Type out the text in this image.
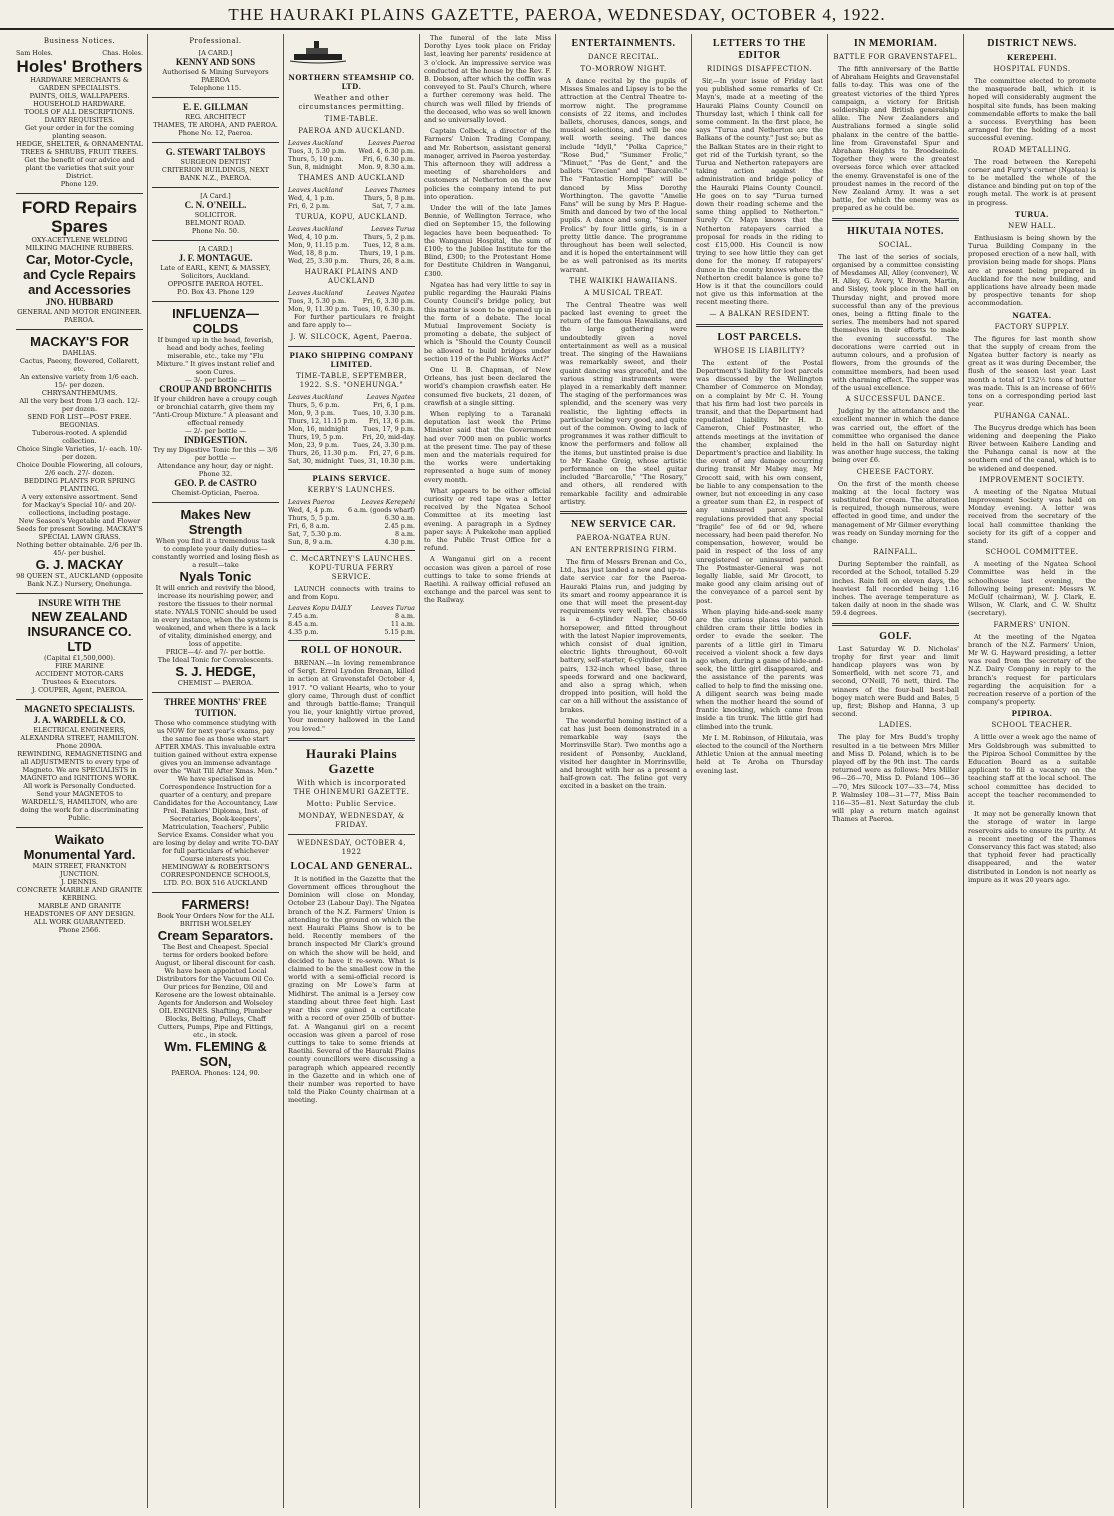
THE HAURAKI PLAINS GAZETTE, PAEROA, WEDNESDAY, OCTOBER 4, 1922.
Business Notices.
Sam Holes.	Chas. Holes.
Holes' Brothers
HARDWARE MERCHANTS & GARDEN SPECIALISTS.
PAINTS, OILS, WALLPAPERS.
HOUSEHOLD HARDWARE.
TOOLS OF ALL DESCRIPTIONS. DAIRY REQUISITES.
Get your order in for the coming planting season.
HEDGE, SHELTER, & ORNAMENTAL TREES & SHRUBS, FRUIT TREES.
Get the benefit of our advice and plant the varieties that suit your District.
Phone 129.
FORD Repairs Spares
OXY-ACETYLENE WELDING
MILKING MACHINE RUBBERS.
Car, Motor-Cycle, and Cycle Repairs and Accessories
JNO. HUBBARD
GENERAL AND MOTOR ENGINEER. PAEROA.
MACKAY'S FOR
DAHLIAS.
Cactus, Paeony, flowered, Collarett, etc.
An extensive variety from 1/6 each. 15/- per dozen.
CHRYSANTHEMUMS.
All the very best from 1/3 each. 12/- per dozen.
SEND FOR LIST—POST FREE.
BEGONIAS.
Tuberous-rooted. A splendid collection.
Choice Single Varieties, 1/- each. 10/- per dozen.
Choice Double Flowering, all colours, 2/6 each. 27/- dozen.
BEDDING PLANTS FOR SPRING PLANTING.
A very extensive assortment. Send for Mackay's Special 10/- and 20/- collections, including postage.
New Season's Vegetable and Flower Seeds for present Sowing. MACKAY'S SPECIAL LAWN GRASS.
Nothing better obtainable. 2/6 per lb. 45/- per bushel.
G. J. MACKAY
98 QUEEN ST., AUCKLAND (opposite Bank N.Z.) Nursery, Onehunga.
INSURE WITH THE
NEW ZEALAND INSURANCE CO. LTD
(Capital £1,500,000).
FIRE MARINE
ACCIDENT MOTOR-CARS
Trustees & Executors.
J. COUPER, Agent, PAEROA.
MAGNETO SPECIALISTS.
J. A. WARDELL & CO.
ELECTRICAL ENGINEERS, ALEXANDRA STREET, HAMILTON.
Phone 2090A.
REWINDING, REMAGNETISING and all ADJUSTMENTS to every type of Magneto. We are SPECIALISTS in MAGNETO and IGNITIONS WORK.
All work is Personally Conducted. Send your MAGNETOS to WARDELL'S, HAMILTON, who are doing the work for a discriminating Public.
Waikato Monumental Yard.
MAIN STREET, FRANKTON JUNCTION.
J. DENNIS.
CONCRETE MARBLE AND GRANITE KERBING.
MARBLE AND GRANITE HEADSTONES OF ANY DESIGN.
ALL WORK GUARANTEED.
Phone 2566.
Professional.
[A CARD.]
KENNY AND SONS
Authorised & Mining Surveyors
PAEROA
Telephone 115.
E. E. GILLMAN
REG. ARCHITECT
THAMES, TE AROHA, AND PAEROA.
Phone No. 12, Paeroa.
G. STEWART TALBOYS
SURGEON DENTIST
CRITERION BUILDINGS, NEXT BANK N.Z., PAEROA.
[A Card.]
C. N. O'NEILL.
SOLICITOR.
BELMONT ROAD.
Phone No. 50.
[A CARD.]
J. F. MONTAGUE.
Late of EARL, KENT, & MASSEY, Solicitors, Auckland.
OPPOSITE PAEROA HOTEL.
P.O. Box 43. Phone 129
INFLUENZA—COLDS
If bunged up in the head, feverish, head and body aches, feeling miserable, etc., take my "Flu Mixture." It gives instant relief and soon Cures.
— 3/- per bottle —
CROUP AND BRONCHITIS
If your children have a croupy cough or bronchial catarrh, give them my "Anti-Croup Mixture." A pleasant and effectual remedy
— 2/- per bottle —
INDIGESTION.
Try my Digestive Tonic for this — 3/6 per bottle —
Attendance any hour, day or night. Phone 32.
GEO. P. de CASTRO
Chemist-Optician, Paeroa.
Makes New Strength
When you find it a tremendous task to complete your daily duties—constantly worried and losing flesh as a result—take
Nyals Tonic
It will enrich and revivify the blood, increase its nourishing power, and restore the tissues to their normal state. NYALS TONIC should be used in every instance, when the system is weakened, and when there is a lack of vitality, diminished energy, and loss of appetite.
PRICE—4/- and 7/- per bottle.
The Ideal Tonic for Convalescents.
S. J. HEDGE,
CHEMIST — PAEROA.
THREE MONTHS' FREE TUITION.
Those who commence studying with us NOW for next year's exams, pay the same fee as those who start AFTER XMAS. This invaluable extra tuition gained without extra expense gives you an immense advantage over the "Wait Till After Xmas. Men." We have specialised in Correspondence Instruction for a quarter of a century, and prepare Candidates for the Accountancy, Law Prel. Bankers' Diploma, Inst. of Secretaries, Book-keepers', Matriculation, Teachers', Public Service Exams. Consider what you are losing by delay and write TO-DAY for full particulars of whichever Course interests you.
HEMINGWAY & ROBERTSON'S CORRESPONDENCE SCHOOLS, LTD. P.O. BOX 516 AUCKLAND
FARMERS!
Book Your Orders Now for the ALL BRITISH WOLSELEY
Cream Separators.
The Best and Cheapest. Special terms for orders booked before August, or liberal discount for cash. We have been appointed Local Distributors for the Vacuum Oil Co. Our prices for Benzine, Oil and Kerosene are the lowest obtainable. Agents for Anderson and Wolseley OIL ENGINES. Shafting, Plumber Blocks, Belting, Pulleys, Chaff Cutters, Pumps, Pipe and Fittings, etc., in stock.
Wm. FLEMING & SON,
PAEROA. Phones: 124, 90.
NORTHERN STEAMSHIP CO. LTD.
Weather and other circumstances permitting.
TIME-TABLE.
PAEROA AND AUCKLAND.
Leaves Auckland	Leaves Paeroa
Tues, 3, 5.30 p.m. Wed. 4, 6.30 p.m.
Thurs, 5, 10 p.m.	Fri, 6, 6.30 p.m.
Sun, 8, midnight	Mon. 9, 8.30 a.m.
THAMES AND AUCKLAND
Leaves Auckland	Leaves Thames
Wed, 4, 1 p.m.	Thurs, 5, 8 p.m.
Fri, 6, 2 p.m.	Sat, 7, 7 a.m.
TURUA, KOPU, AUCKLAND.
Leaves Auckland	Leaves Turua
Wed, 4, 10 p.m.	Thurs, 5, 2 p.m.
Mon, 9, 11.15 p.m. Tues, 12, 8 a.m.
Wed, 18, 8 p.m.	Thurs, 19, 1 p.m.
Wed, 25, 3.30 p.m. Thurs, 26, 8 a.m.
HAURAKI PLAINS AND AUCKLAND
Leaves Auckland	Leaves Ngatea
Tues, 3, 5.30 p.m.	Fri, 6, 3.30 p.m.
Mon, 9, 11.30 p.m. Tues, 10, 6.30 p.m.

For further particulars re freight and fare apply to—

J. W. SILCOCK, Agent, Paeroa.
PIAKO SHIPPING COMPANY LIMITED.
TIME-TABLE, SEPTEMBER, 1922. S.S. "ONEHUNGA."
Leaves Auckland	Leaves Ngatea
Thurs, 5, 6 p.m.	Fri, 6, 1 p.m.
Mon, 9, 3 p.m.	Tues, 10, 3.30 p.m.
Thurs, 12, 11.15 p.m. Fri, 13, 6 p.m.
Mon, 16, midnight Tues, 17, 9 p.m.
Thurs, 19, 5 p.m.	Fri, 20, mid-day.
Mon, 23, 9 p.m. Tues, 24, 3.30 p.m.
Thurs, 26, 11.30 p.m. Fri, 27, 6 p.m.
Sat, 30, midnight Tues, 31, 10.30 p.m.
PLAINS SERVICE.
KERBY'S LAUNCHES.
Leaves Paeroa	Leaves Kerepehi
Wed, 4, 4 p.m. 6 a.m. (goods wharf)
Thurs, 5, 5 p.m.	6.30 a.m.
Fri, 6, 8 a.m.	2.45 p.m.
Sat, 7, 5.30 p.m.	8 a.m.
Sun, 8, 9 a.m.	4.30 p.m.
C. McCARTNEY'S LAUNCHES. KOPU-TURUA FERRY SERVICE.

LAUNCH connects with trains to and from Kopu.

Leaves Kopu DAILY	Leaves Turua
7.45 a.m.	8 a.m.
8.45 a.m.	11 a.m.
4.35 p.m.	5.15 p.m.
ROLL OF HONOUR.

BRENAN.—In loving remembrance of Sergt. Errol Lyndon Brenan, killed in action at Gravenstafel October 4, 1917. "O valiant Hearts, who to your glory came, Through dust of conflict and through battle-flame; Tranquil you lie, your knightly virtue proved, Your memory hallowed in the Land you loved."

Hauraki Plains Gazette
With which is incorporated THE OHINEMURI GAZETTE.
Motto: Public Service.
MONDAY, WEDNESDAY, & FRIDAY.
WEDNESDAY, OCTOBER 4, 1922
LOCAL AND GENERAL.

It is notified in the Gazette that the Government offices throughout the Dominion will close on Monday, October 23 (Labour Day). The Ngatea branch of the N.Z. Farmers' Union is attending to the ground on which the next Hauraki Plains Show is to be held. Recently members of the branch inspected Mr Clark's ground on which the show will be held, and decided to have it re-sown. What is claimed to be the smallest cow in the world with a semi-official record is grazing on Mr Lowe's farm at Midhirst. The animal is a Jersey cow standing about three feet high. Last year this cow gained a certificate with a record of over 250lb of butter-fat. A Wanganui girl on a recent occasion was given a parcel of rose cuttings to take to some friends at Raetihi. Several of the Hauraki Plains county councillors were discussing a paragraph which appeared recently in the Gazette and in which one of their number was reported to have told the Piako County chairman at a meeting.

The funeral of the late Miss Dorothy Lyes took place on Friday last, leaving her parents' residence at 3 o'clock. An impressive service was conducted at the house by the Rev. F. B. Dobson, after which the coffin was conveyed to St. Paul's Church, where a further ceremony was held. The church was well filled by friends of the deceased, who was so well known and so universally loved.

Captain Colbeck, a director of the Farmers' Union Trading Company, and Mr. Robertson, assistant general manager, arrived in Paeroa yesterday. This afternoon they will address a meeting of shareholders and customers at Netherton on the new policies the company intend to put into operation.

Under the will of the late James Bennie, of Wellington Terrace, who died on September 15, the following legacies have been bequeathed: To the Wanganui Hospital, the sum of £100; to the Jubilee Institute for the Blind, £300; to the Protestant Home for Destitute Children in Wanganui, £300.

Ngatea has had very little to say in public regarding the Hauraki Plains County Council's bridge policy, but this matter is soon to be opened up in the form of a debate. The local Mutual Improvement Society is promoting a debate, the subject of which is "Should the County Council be allowed to build bridges under section 119 of the Public Works Act?"

One U. B. Chapman, of New Orleans, has just been declared the world's champion crawfish eater. He consumed five buckets, 21 dozen, of crawfish at a single sitting.

When replying to a Taranaki deputation last week the Prime Minister said that the Government had over 7000 men on public works at the present time. The pay of these men and the materials required for the works were undertaking represented a huge sum of money every month.

What appears to be either official curiosity or red tape was a letter received by the Ngatea School Committee at its meeting last evening. A paragraph in a Sydney paper says: A Pukekohe man applied to the Public Trust Office for a refund.

A Wanganui girl on a recent occasion was given a parcel of rose cuttings to take to some friends at Raetihi. A railway official refused an exchange and the parcel was sent to the Railway.

ENTERTAINMENTS.
DANCE RECITAL.
TO-MORROW NIGHT.

A dance recital by the pupils of Misses Smales and Lipsey is to be the attraction at the Central Theatre to-morrow night. The programme consists of 22 items, and includes ballets, choruses, dances, songs, and musical selections, and will be one well worth seeing. The dances include "Idyll," "Polka Caprice," "Rose Bud," "Summer Frolic," "Minuet," "Pas de Gent," and the ballets "Grecian" and "Barcarolle." The "Fantastic Hornpipe" will be danced by Miss Dorothy Worthington. The gavotte "Amelie Fans" will be sung by Mrs P. Hague-Smith and danced by two of the local pupils. A dance and song, "Summer Frolics" by four little girls, is in a pretty little dance. The programme throughout has been well selected, and it is hoped the entertainment will be as well patronised as its merits warrant.

THE WAIKIKI HAWAIIANS.
A MUSICAL TREAT.

The Central Theatre was well packed last evening to greet the return of the famous Hawaiians, and the large gathering were undoubtedly given a novel entertainment as well as a musical treat. The singing of the Hawaiians was remarkably sweet, and their quaint dancing was graceful, and the various string instruments were played in a remarkably deft manner. The staging of the performances was splendid, and the scenery was very realistic, the lighting effects in particular being very good, and quite out of the common. Owing to lack of programmes it was rather difficult to know the performers and follow all the items, but unstinted praise is due to Mr Kaahe Greig, whose artistic performance on the steel guitar included "Barcarolle," "The Rosary," and others, all rendered with remarkable facility and admirable artistry.

NEW SERVICE CAR.
PAEROA-NGATEA RUN.
AN ENTERPRISING FIRM.

The firm of Messrs Brenan and Co., Ltd., has just landed a new and up-to-date service car for the Paeroa-Hauraki Plains run, and judging by its smart and roomy appearance it is one that will meet the present-day requirements very well. The chassis is a 6-cylinder Napier, 50-60 horsepower, and fitted throughout with the latest Napier improvements, which consist of dual ignition, electric lights throughout, 60-volt battery, self-starter, 6-cylinder cast in pairs, 132-inch wheel base, three speeds forward and one backward, and also a sprag which, when dropped into position, will hold the car on a hill without the assistance of brakes.

The wonderful homing instinct of a cat has just been demonstrated in a remarkable way (says the Morrinsville Star). Two months ago a resident of Ponsonby, Auckland, visited her daughter in Morrinsville, and brought with her as a present a half-grown cat. The feline got very excited in a basket on the train.

LETTERS TO THE EDITOR
RIDINGS DISAFFECTION.

Sir,—In your issue of Friday last you published some remarks of Cr. Mayn's, made at a meeting of the Hauraki Plains County Council on Thursday last, which I think call for some comment. In the first place, he says "Turua and Netherton are the Balkans of the county." Just so; but as the Balkan States are in their right to get rid of the Turkish tyrant, so the Turua and Netherton ratepayers are taking action against the administration and bridge policy of the Hauraki Plains County Council. He goes on to say "Turua turned down their roading scheme and the same thing applied to Netherton." Surely Cr. Mayn knows that the Netherton ratepayers carried a proposal for roads in the riding to cost £15,000. His Council is now trying to see how little they can get done for the money. If ratepayers' dunce in the county knows where the Netherton credit balance is gone to? How is it that the councillors could not give us this information at the recent meeting there.

— A BALKAN RESIDENT.
LOST PARCELS.
WHOSE IS LIABILITY?

The extent of the Postal Department's liability for lost parcels was discussed by the Wellington Chamber of Commerce on Monday, on a complaint by Mr C. H. Young that his firm had lost two parcels in transit, and that the Department had repudiated liability. Mr H. D. Cameron, Chief Postmaster, who attends meetings at the invitation of the chamber, explained the Department's practice and liability. In the event of any damage occurring during transit Mr Mabey may, Mr Grocott said, with his own consent, be liable to any compensation to the owner, but not exceeding in any case a greater sum than £2, in respect of any uninsured parcel. Postal regulations provided that any special "fragile" fee of 6d or 9d, where necessary, had been paid therefor. No compensation, however, would be paid in respect of the loss of any unregistered or uninsured parcel. The Postmaster-General was not legally liable, said Mr Grocott, to make good any claim arising out of the conveyance of a parcel sent by post.

When playing hide-and-seek many are the curious places into which children cram their little bodies in order to evade the seeker. The parents of a little girl in Timaru received a violent shock a few days ago when, during a game of hide-and-seek, the little girl disappeared, and the assistance of the parents was called to help to find the missing one. A diligent search was being made when the mother heard the sound of frantic knocking, which came from inside a tin trunk. The little girl had climbed into the trunk.

Mr I. M. Robinson, of Hikutaia, was elected to the council of the Northern Athletic Union at the annual meeting held at Te Aroha on Thursday evening last.

IN MEMORIAM.
BATTLE FOR GRAVENSTAFEL.

The fifth anniversary of the Battle of Abraham Heights and Gravenstafel falls to-day. This was one of the greatest victories of the third Ypres campaign, a victory for British soldiership and British generalship alike. The New Zealanders and Australians formed a single solid phalanx in the centre of the battle-line from Gravenstafel Spur and Abraham Heights to Broodseinde. Together they were the greatest overseas force which ever attacked the enemy. Gravenstafel is one of the proudest names in the record of the New Zealand Army. It was a set battle, for which the enemy was as prepared as he could be.

HIKUTAIA NOTES.
SOCIAL.

The last of the series of socials, organised by a committee consisting of Mesdames All, Alley (convener), W. H. Alley, G. Avery, V. Brown, Martin, and Sisley, took place in the hall on Thursday night, and proved more successful than any of the previous ones, being a fitting finale to the series. The members had not spared themselves in their efforts to make the evening successful. The decorations were carried out in autumn colours, and a profusion of flowers, from the grounds of the committee members, had been used with charming effect. The supper was of the usual excellence.

A SUCCESSFUL DANCE.

Judging by the attendance and the excellent manner in which the dance was carried out, the effort of the committee who organised the dance held in the hall on Saturday night was another huge success, the taking being over £6.

CHEESE FACTORY.

On the first of the month cheese making at the local factory was substituted for cream. The alteration is required, though numerous, were effected in good time, and under the management of Mr Gilmer everything was ready on Sunday morning for the change.

RAINFALL.

During September the rainfall, as recorded at the School, totalled 5.29 inches. Rain fell on eleven days, the heaviest fall recorded being 1.16 inches. The average temperature as taken daily at noon in the shade was 59.4 degrees.

GOLF.

Last Saturday W. D. Nicholas' trophy for first year and limit handicap players was won by Somerfield, with net score 71, and second, O'Neill, 76 nett, third. The winners of the four-ball best-ball bogey match were Budd and Bales, 5 up, first; Bishop and Hanna, 3 up second.

LADIES.

The play for Mrs Budd's trophy resulted in a tie between Mrs Miller and Miss D. Poland, which is to be played off by the 9th inst. The cards returned were as follows: Mrs Miller 96—26—70, Miss D. Poland 106—36—70, Mrs Silcock 107—33—74, Miss P. Walmsley 108—31—77, Miss Bain 116—35—81. Next Saturday the club will play a return match against Thames at Paeroa.

DISTRICT NEWS.
KEREPEHI.
HOSPITAL FUNDS.

The committee elected to promote the masquerade ball, which it is hoped will considerably augment the hospital site funds, has been making commendable efforts to make the ball a success. Everything has been arranged for the holding of a most successful evening.

ROAD METALLING.

The road between the Kerepehi corner and Furry's corner (Ngatea) is to be metalled the whole of the distance and binding put on top of the rough metal. The work is at present in progress.

TURUA.
NEW HALL.

Enthusiasm is being shown by the Turua Building Company in the proposed erection of a new hall, with provision being made for shops. Plans are at present being prepared in Auckland for the new building, and applications have already been made by prospective tenants for shop accommodation.

NGATEA.
FACTORY SUPPLY.

The figures for last month show that the supply of cream from the Ngatea butter factory is nearly as great as it was during December, the flush of the season last year. Last month a total of 132½ tons of butter was made. This is an increase of 66½ tons on a corresponding period last year.

PUHANGA CANAL.

The Bucyrus dredge which has been widening and deepening the Piako River between Kaihere Landing and the Puhanga canal is now at the southern end of the canal, which is to be widened and deepened.

IMPROVEMENT SOCIETY.

A meeting of the Ngatea Mutual Improvement Society was held on Monday evening. A letter was received from the secretary of the local hall committee thanking the society for its gift of a copper and stand.

SCHOOL COMMITTEE.

A meeting of the Ngatea School Committee was held in the schoolhouse last evening, the following being present: Messrs W. McGulf (chairman), W. J. Clark, E. Wilson, W. Clark, and C. W. Shultz (secretary).

FARMERS' UNION.

At the meeting of the Ngatea branch of the N.Z. Farmers' Union, Mr W. G. Hayward presiding, a letter was read from the secretary of the N.Z. Dairy Company in reply to the branch's request for particulars regarding the acquisition for a recreation reserve of a portion of the company's property.

PIPIROA.
SCHOOL TEACHER.

A little over a week ago the name of Mrs Goldsbrough was submitted to the Pipiroa School Committee by the Education Board as a suitable applicant to fill a vacancy on the teaching staff at the local school. The school committee has decided to accept the teacher recommended to it.

It may not be generally known that the storage of water in large reservoirs aids to ensure its purity. At a recent meeting of the Thames Conservancy this fact was stated; also that typhoid fever had practically disappeared, and the water distributed in London is not nearly as impure as it was 20 years ago.
